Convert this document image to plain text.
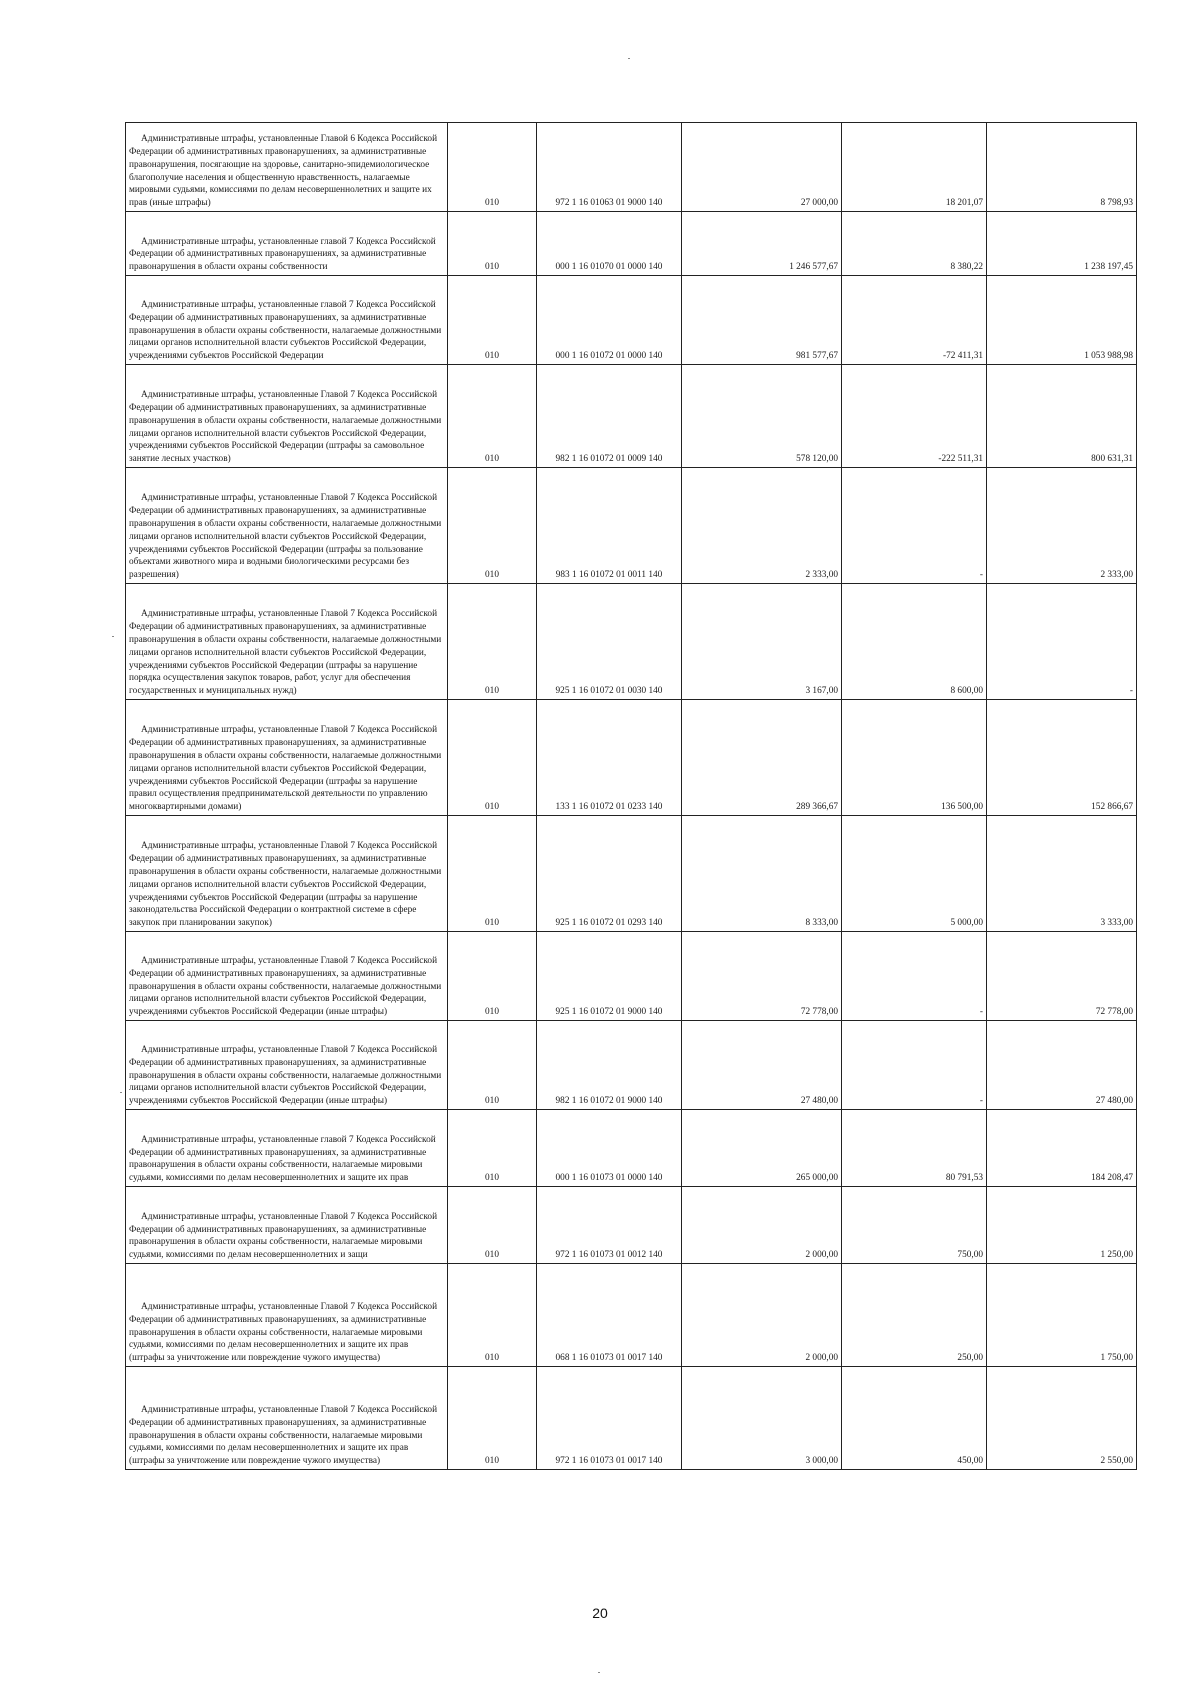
Административные штрафы, установленные Главой 6 Кодекса Российской Федерации об административных правонарушениях, за административные правонарушения, посягающие на здоровье, санитарно-эпидемиологическое благополучие населения и общественную нравственность, налагаемые мировыми судьями, комиссиями по делам несовершеннолетних и защите их прав (иные штрафы)	010	972 1 16 01063 01 9000 140	27 000,00	18 201,07	8 798,93

Административные штрафы, установленные главой 7 Кодекса Российской Федерации об административных правонарушениях, за административные правонарушения в области охраны собственности	010	000 1 16 01070 01 0000 140	1 246 577,67	8 380,22	1 238 197,45

Административные штрафы, установленные главой 7 Кодекса Российской Федерации об административных правонарушениях, за административные правонарушения в области охраны собственности, налагаемые должностными лицами органов исполнительной власти субъектов Российской Федерации, учреждениями субъектов Российской Федерации	010	000 1 16 01072 01 0000 140	981 577,67	-72 411,31	1 053 988,98

Административные штрафы, установленные Главой 7 Кодекса Российской Федерации об административных правонарушениях, за административные правонарушения в области охраны собственности, налагаемые должностными лицами органов исполнительной власти субъектов Российской Федерации, учреждениями субъектов Российской Федерации (штрафы за самовольное занятие лесных участков)	010	982 1 16 01072 01 0009 140	578 120,00	-222 511,31	800 631,31

Административные штрафы, установленные Главой 7 Кодекса Российской Федерации об административных правонарушениях, за административные правонарушения в области охраны собственности, налагаемые должностными лицами органов исполнительной власти субъектов Российской Федерации, учреждениями субъектов Российской Федерации (штрафы за пользование объектами животного мира и водными биологическими ресурсами без разрешения)	010	983 1 16 01072 01 0011 140	2 333,00	-	2 333,00

Административные штрафы, установленные Главой 7 Кодекса Российской Федерации об административных правонарушениях, за административные правонарушения в области охраны собственности, налагаемые должностными лицами органов исполнительной власти субъектов Российской Федерации, учреждениями субъектов Российской Федерации (штрафы за нарушение порядка осуществления закупок товаров, работ, услуг для обеспечения государственных и муниципальных нужд)	010	925 1 16 01072 01 0030 140	3 167,00	8 600,00	-

Административные штрафы, установленные Главой 7 Кодекса Российской Федерации об административных правонарушениях, за административные правонарушения в области охраны собственности, налагаемые должностными лицами органов исполнительной власти субъектов Российской Федерации, учреждениями субъектов Российской Федерации (штрафы за нарушение правил осуществления предпринимательской деятельности по управлению многоквартирными домами)	010	133 1 16 01072 01 0233 140	289 366,67	136 500,00	152 866,67

Административные штрафы, установленные Главой 7 Кодекса Российской Федерации об административных правонарушениях, за административные правонарушения в области охраны собственности, налагаемые должностными лицами органов исполнительной власти субъектов Российской Федерации, учреждениями субъектов Российской Федерации (штрафы за нарушение законодательства Российской Федерации о контрактной системе в сфере закупок при планировании закупок)	010	925 1 16 01072 01 0293 140	8 333,00	5 000,00	3 333,00

Административные штрафы, установленные Главой 7 Кодекса Российской Федерации об административных правонарушениях, за административные правонарушения в области охраны собственности, налагаемые должностными лицами органов исполнительной власти субъектов Российской Федерации, учреждениями субъектов Российской Федерации (иные штрафы)	010	925 1 16 01072 01 9000 140	72 778,00	-	72 778,00

Административные штрафы, установленные Главой 7 Кодекса Российской Федерации об административных правонарушениях, за административные правонарушения в области охраны собственности, налагаемые должностными лицами органов исполнительной власти субъектов Российской Федерации, учреждениями субъектов Российской Федерации (иные штрафы)	010	982 1 16 01072 01 9000 140	27 480,00	-	27 480,00

Административные штрафы, установленные главой 7 Кодекса Российской Федерации об административных правонарушениях, за административные правонарушения в области охраны собственности, налагаемые мировыми судьями, комиссиями по делам несовершеннолетних и защите их прав	010	000 1 16 01073 01 0000 140	265 000,00	80 791,53	184 208,47

Административные штрафы, установленные Главой 7 Кодекса Российской Федерации об административных правонарушениях, за административные правонарушения в области охраны собственности, налагаемые мировыми судьями, комиссиями по делам несовершеннолетних и защи	010	972 1 16 01073 01 0012 140	2 000,00	750,00	1 250,00

Административные штрафы, установленные Главой 7 Кодекса Российской Федерации об административных правонарушениях, за административные правонарушения в области охраны собственности, налагаемые мировыми судьями, комиссиями по делам несовершеннолетних и защите их прав (штрафы за уничтожение или повреждение чужого имущества)	010	068 1 16 01073 01 0017 140	2 000,00	250,00	1 750,00

Административные штрафы, установленные Главой 7 Кодекса Российской Федерации об административных правонарушениях, за административные правонарушения в области охраны собственности, налагаемые мировыми судьями, комиссиями по делам несовершеннолетних и защите их прав (штрафы за уничтожение или повреждение чужого имущества)	010	972 1 16 01073 01 0017 140	3 000,00	450,00	2 550,00
20
